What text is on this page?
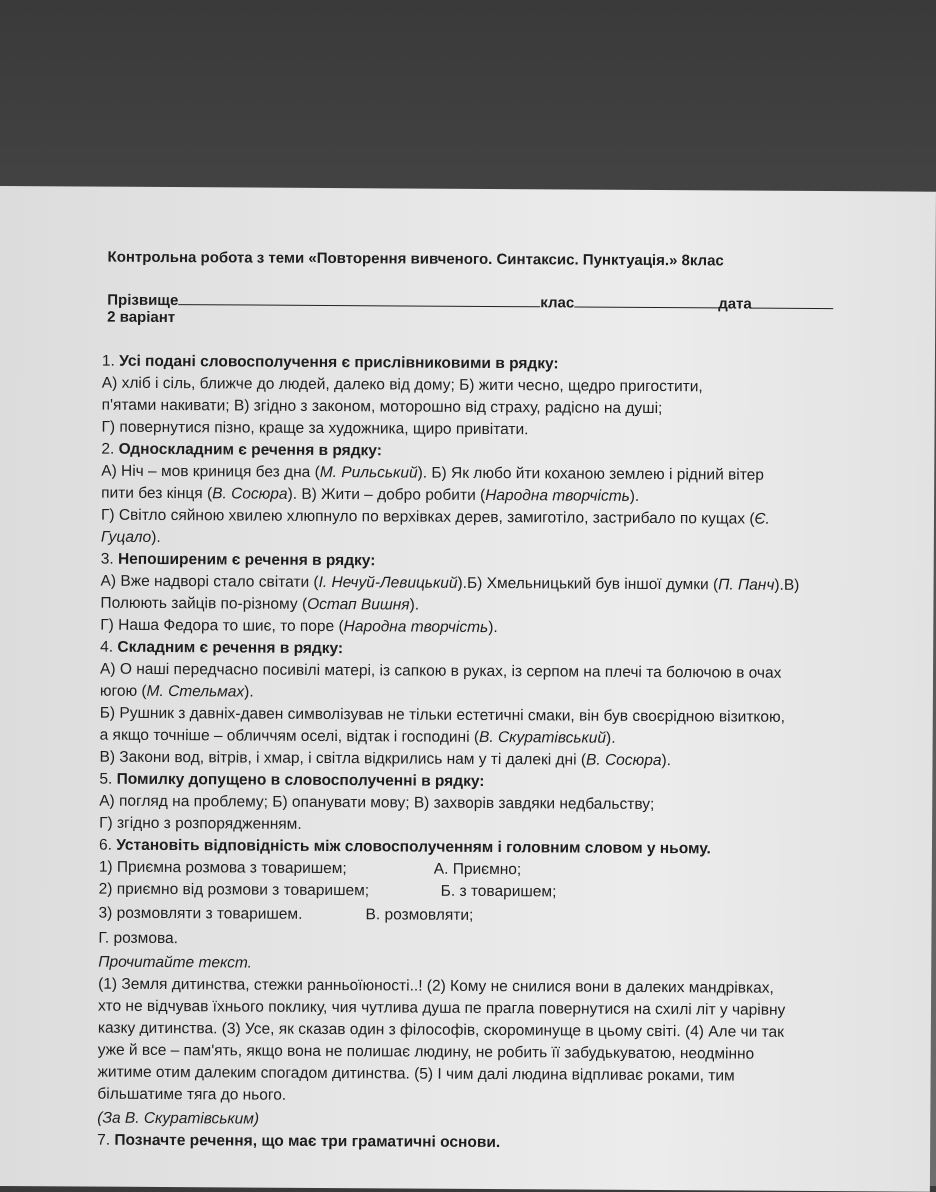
Контрольна робота з теми «Повторення вивченого. Синтаксис. Пунктуація.» 8клас
Прізвище	клас	дата
2 варіант

1. Усі подані словосполучення є прислівниковими в рядку:

А) хліб і сіль, ближче до людей, далеко від дому; Б) жити чесно, щедро пригостити,

п'ятами накивати; В) згідно з законом, моторошно від страху, радісно на душі;

Г) повернутися пізно, краще за художника, щиро привітати.

2. Односкладним є речення в рядку:

А) Ніч – мов криниця без дна (М. Рильський). Б) Як любо йти коханою землею і рідний вітер

пити без кінця (В. Сосюра). В) Жити – добро робити (Народна творчість).

Г) Світло сяйною хвилею хлюпнуло по верхівках дерев, замиготіло, застрибало по кущах (Є.

Гуцало).

3. Непоширеним є речення в рядку:

А) Вже надворі стало світати (І. Нечуй-Левицький).Б) Хмельницький був іншої думки (П. Панч).В)

Полюють зайців по-різному (Остап Вишня).

Г) Наша Федора то шиє, то поре (Народна творчість).

4. Складним є речення в рядку:

А) О наші передчасно посивілі матері, із сапкою в руках, із серпом на плечі та болючою в очах

югою (М. Стельмах).

Б) Рушник з давніх-давен символізував не тільки естетичні смаки, він був своєрідною візиткою,

а якщо точніше – обличчям оселі, відтак і господині (В. Скуратівський).

В) Закони вод, вітрів, і хмар, і світла відкрились нам у ті далекі дні (В. Сосюра).

5. Помилку допущено в словосполученні в рядку:

А) погляд на проблему; Б) опанувати мову; В) захворів завдяки недбальству;

Г) згідно з розпорядженням.

6. Установіть відповідність між словосполученням і головним словом у ньому.

1) Приємна розмова з товаришем;	А. Приємно;

2) приємно від розмови з товаришем;	Б. з товаришем;

3) розмовляти з товаришем.	В. розмовляти;

Г. розмова.

Прочитайте текст.

(1) Земля дитинства, стежки ранньоїюності..! (2) Кому не снилися вони в далеких мандрівках,

хто не відчував їхнього поклику, чия чутлива душа пе прагла повернутися на схилі літ у чарівну

казку дитинства. (3) Усе, як сказав один з філософів, скороминуще в цьому світі. (4) Але чи так

уже й все – пам'ять, якщо вона не полишає людину, не робить її забудькуватою, неодмінно

житиме отим далеким спогадом дитинства. (5) І чим далі людина відпливає роками, тим

більшатиме тяга до нього.

(За В. Скуратівським)

7. Позначте речення, що має три граматичні основи.
